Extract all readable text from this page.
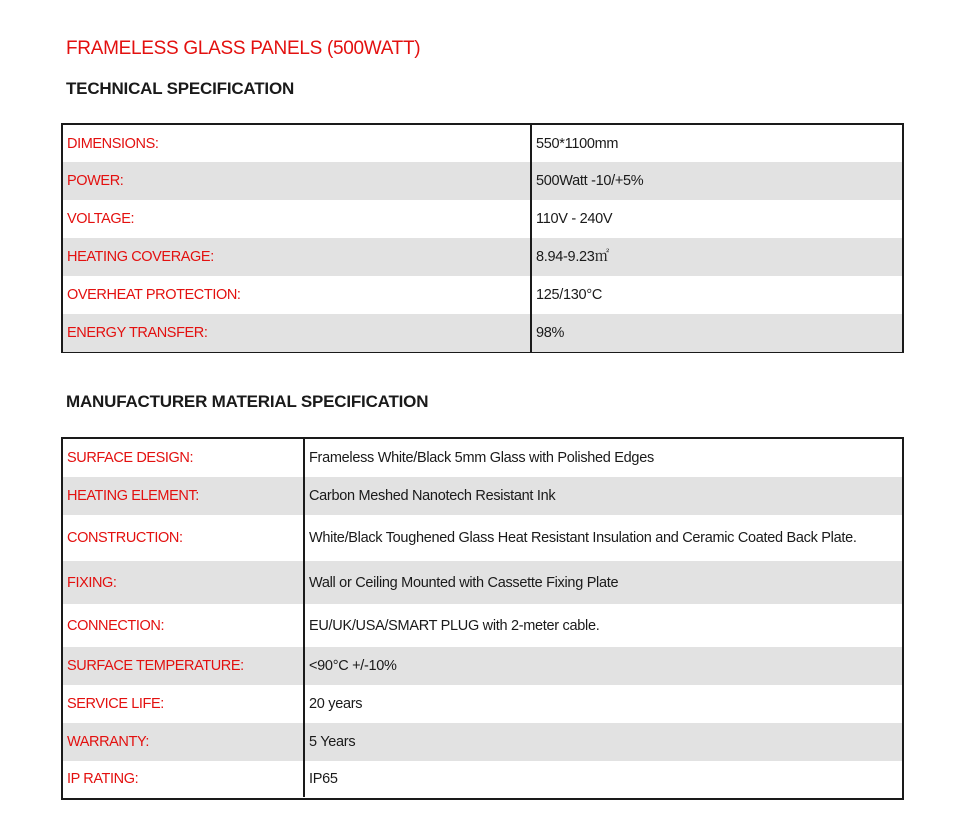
FRAMELESS GLASS PANELS (500WATT)
TECHNICAL SPECIFICATION
DIMENSIONS:	550*1100mm
POWER:	500Watt -10/+5%
VOLTAGE:	110V - 240V
HEATING COVERAGE:	8.94-9.23㎡
OVERHEAT PROTECTION:	125/130°C
ENERGY TRANSFER:	98%
MANUFACTURER MATERIAL SPECIFICATION
SURFACE DESIGN:	Frameless White/Black 5mm Glass with Polished Edges
HEATING ELEMENT:	Carbon Meshed Nanotech Resistant Ink
CONSTRUCTION:	White/Black Toughened Glass Heat Resistant Insulation and Ceramic Coated Back Plate.
FIXING:	Wall or Ceiling Mounted with Cassette Fixing Plate
CONNECTION:	EU/UK/USA/SMART PLUG with 2-meter cable.
SURFACE TEMPERATURE:	<90°C +/-10%
SERVICE LIFE:	20 years
WARRANTY:	5 Years
IP RATING:	IP65
